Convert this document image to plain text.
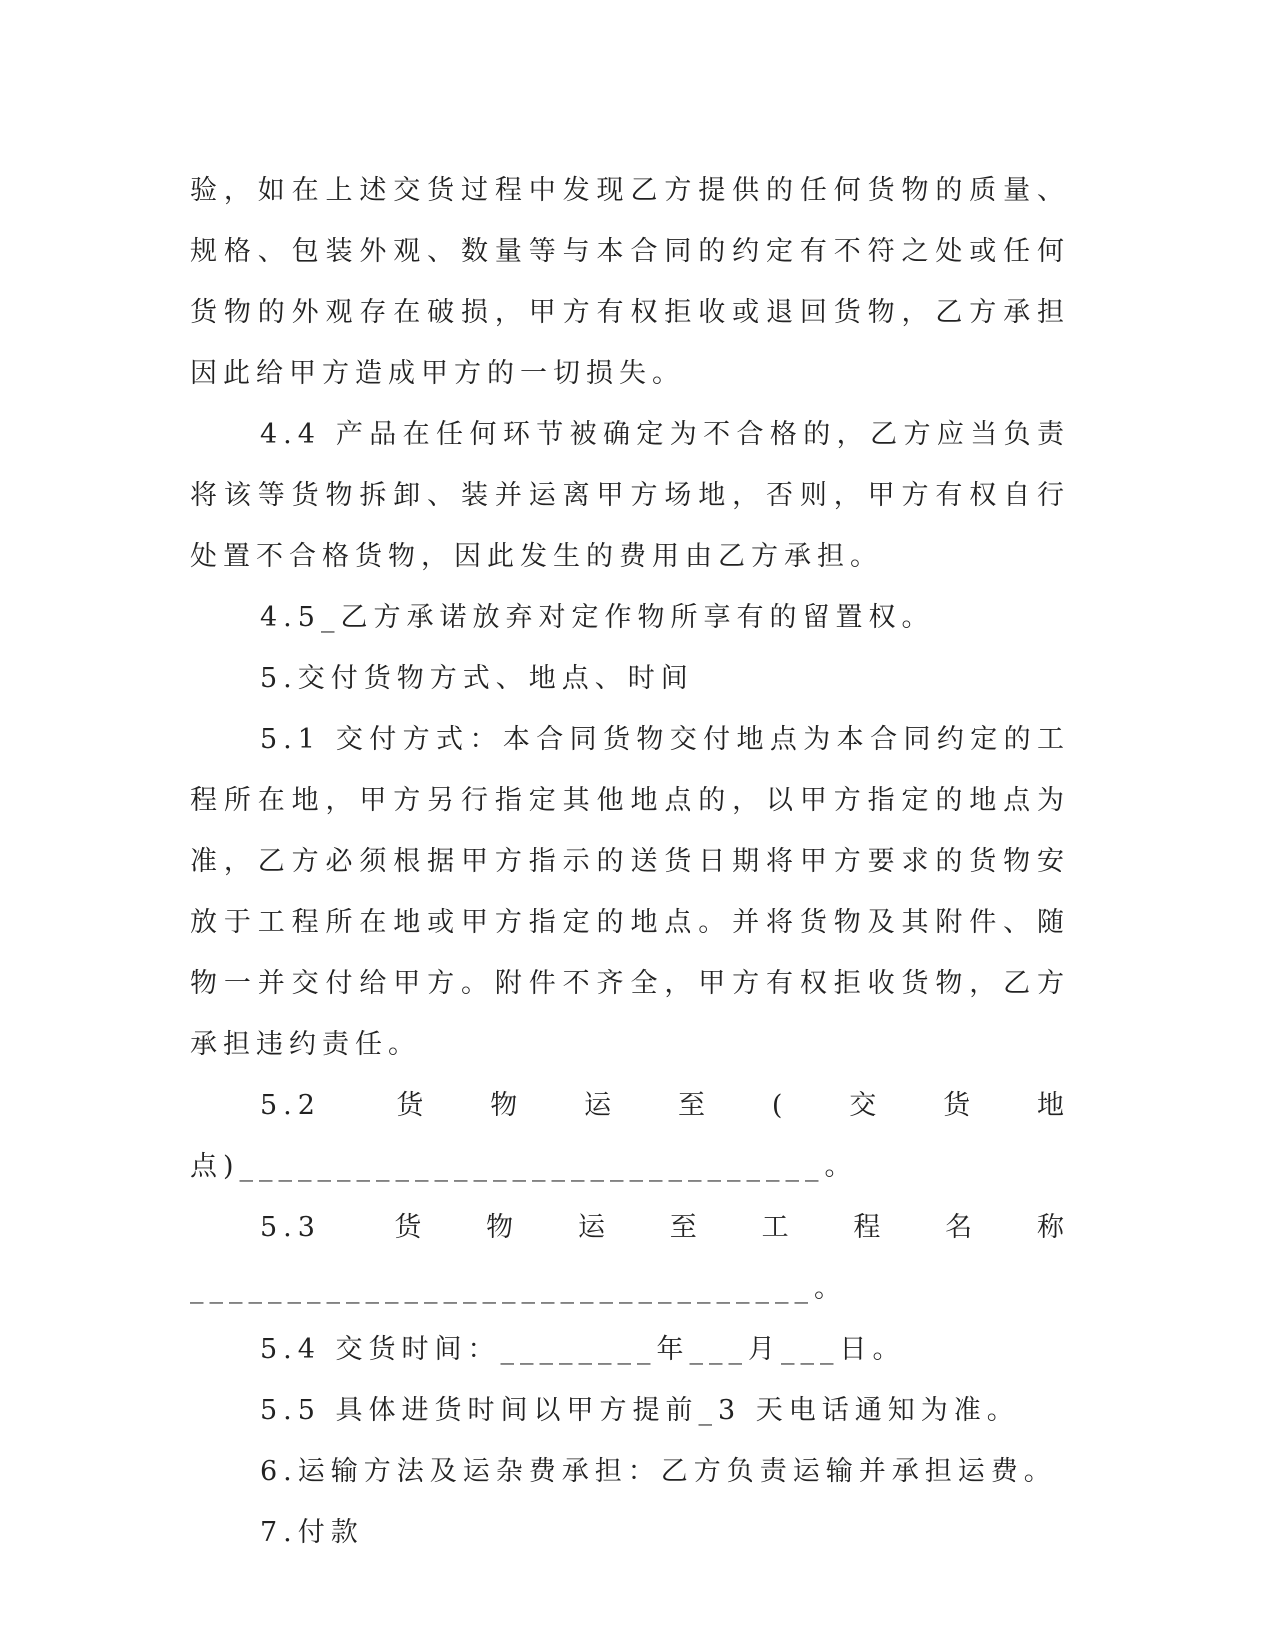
验，如在上述交货过程中发现乙方提供的任何货物的质量、规格、包装外观、数量等与本合同的约定有不符之处或任何货物的外观存在破损，甲方有权拒收或退回货物，乙方承担因此给甲方造成甲方的一切损失。

4.4 产品在任何环节被确定为不合格的，乙方应当负责将该等货物拆卸、装并运离甲方场地，否则，甲方有权自行处置不合格货物，因此发生的费用由乙方承担。

4.5_乙方承诺放弃对定作物所享有的留置权。

5.交付货物方式、地点、时间

5.1 交付方式：本合同货物交付地点为本合同约定的工程所在地，甲方另行指定其他地点的，以甲方指定的地点为准，乙方必须根据甲方指示的送货日期将甲方要求的货物安放于工程所在地或甲方指定的地点。并将货物及其附件、随物一并交付给甲方。附件不齐全，甲方有权拒收货物，乙方承担违约责任。

5.2 货物运至(交货地点)______________________________。

5.3 货物运至工程名称________________________________。

5.4 交货时间：________年___月___日。

5.5 具体进货时间以甲方提前_3 天电话通知为准。

6.运输方法及运杂费承担：乙方负责运输并承担运费。

7.付款
